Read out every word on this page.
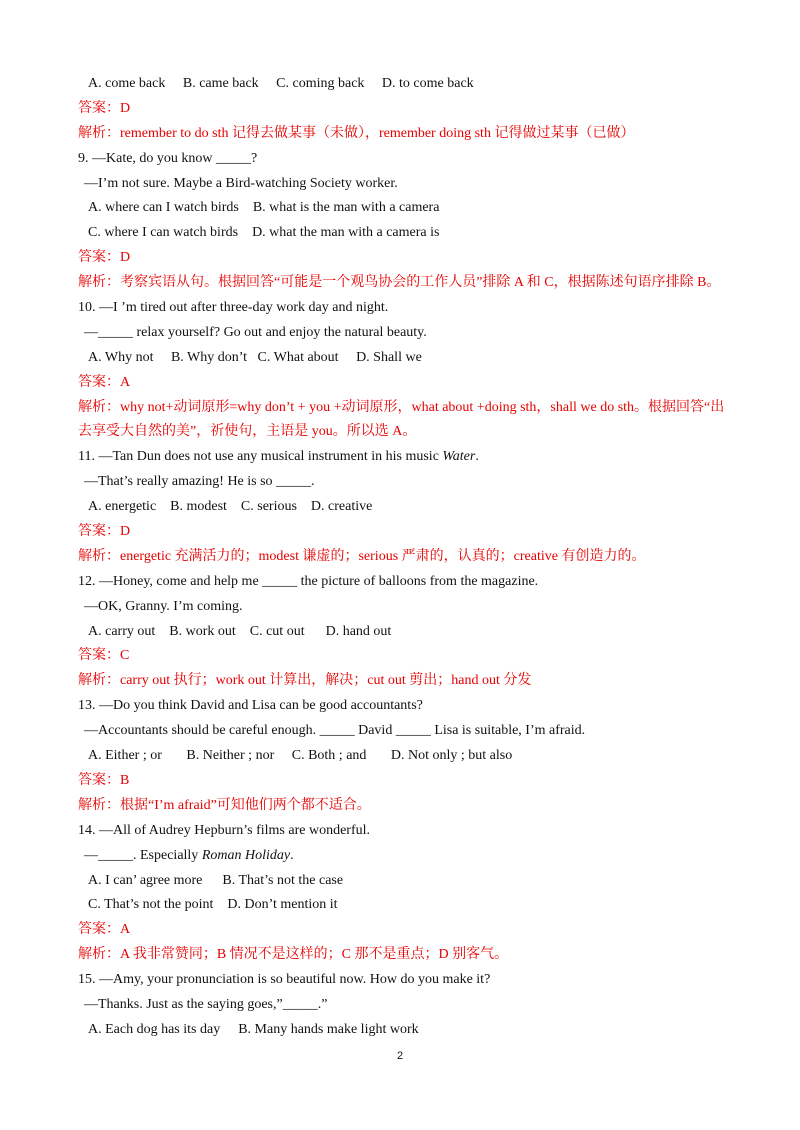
A. come back     B. came back     C. coming back     D. to come back
答案：D
解析：remember to do sth 记得去做某事（未做），remember doing sth 记得做过某事（已做）
9. —Kate, do you know _____?
—I’m not sure. Maybe a Bird-watching Society worker.
A. where can I watch birds B. what is the man with a camera
C. where I can watch birds D. what the man with a camera is
答案：D
解析：考察宾语从句。根据回答“可能是一个观鸟协会的工作人员”排除 A 和 C，根据陈述句语序排除 B。
10. —I ’m tired out after three-day work day and night.
—_____ relax yourself? Go out and enjoy the natural beauty.
A. Why not     B. Why don’t   C. What about     D. Shall we
答案：A
解析：why not+动词原形=why don’t + you +动词原形，what about +doing sth，shall we do sth。根据回答“出
去享受大自然的美”，祈使句，主语是 you。所以选 A。
11. —Tan Dun does not use any musical instrument in his music Water.
—That’s really amazing! He is so _____.
A. energetic    B. modest    C. serious    D. creative
答案：D
解析：energetic 充满活力的；modest 谦虚的；serious 严肃的，认真的；creative 有创造力的。
12. —Honey, come and help me _____ the picture of balloons from the magazine.
—OK, Granny. I’m coming.
A. carry out    B. work out    C. cut out      D. hand out
答案：C
解析：carry out 执行；work out 计算出，解决；cut out 剪出；hand out 分发
13. —Do you think David and Lisa can be good accountants?
—Accountants should be careful enough. _____ David _____ Lisa is suitable, I’m afraid.
A. Either ; or       B. Neither ; nor     C. Both ; and       D. Not only ; but also
答案：B
解析：根据“I’m afraid”可知他们两个都不适合。
14. —All of Audrey Hepburn’s films are wonderful.
—_____. Especially Roman Holiday.
A. I can’ agree more B. That’s not the case
C. That’s not the point D. Don’t mention it
答案：A
解析：A 我非常赞同；B 情况不是这样的；C 那不是重点；D 别客气。
15. —Amy, your pronunciation is so beautiful now. How do you make it?
—Thanks. Just as the saying goes,”_____.”
A. Each dog has its day B. Many hands make light work
2
